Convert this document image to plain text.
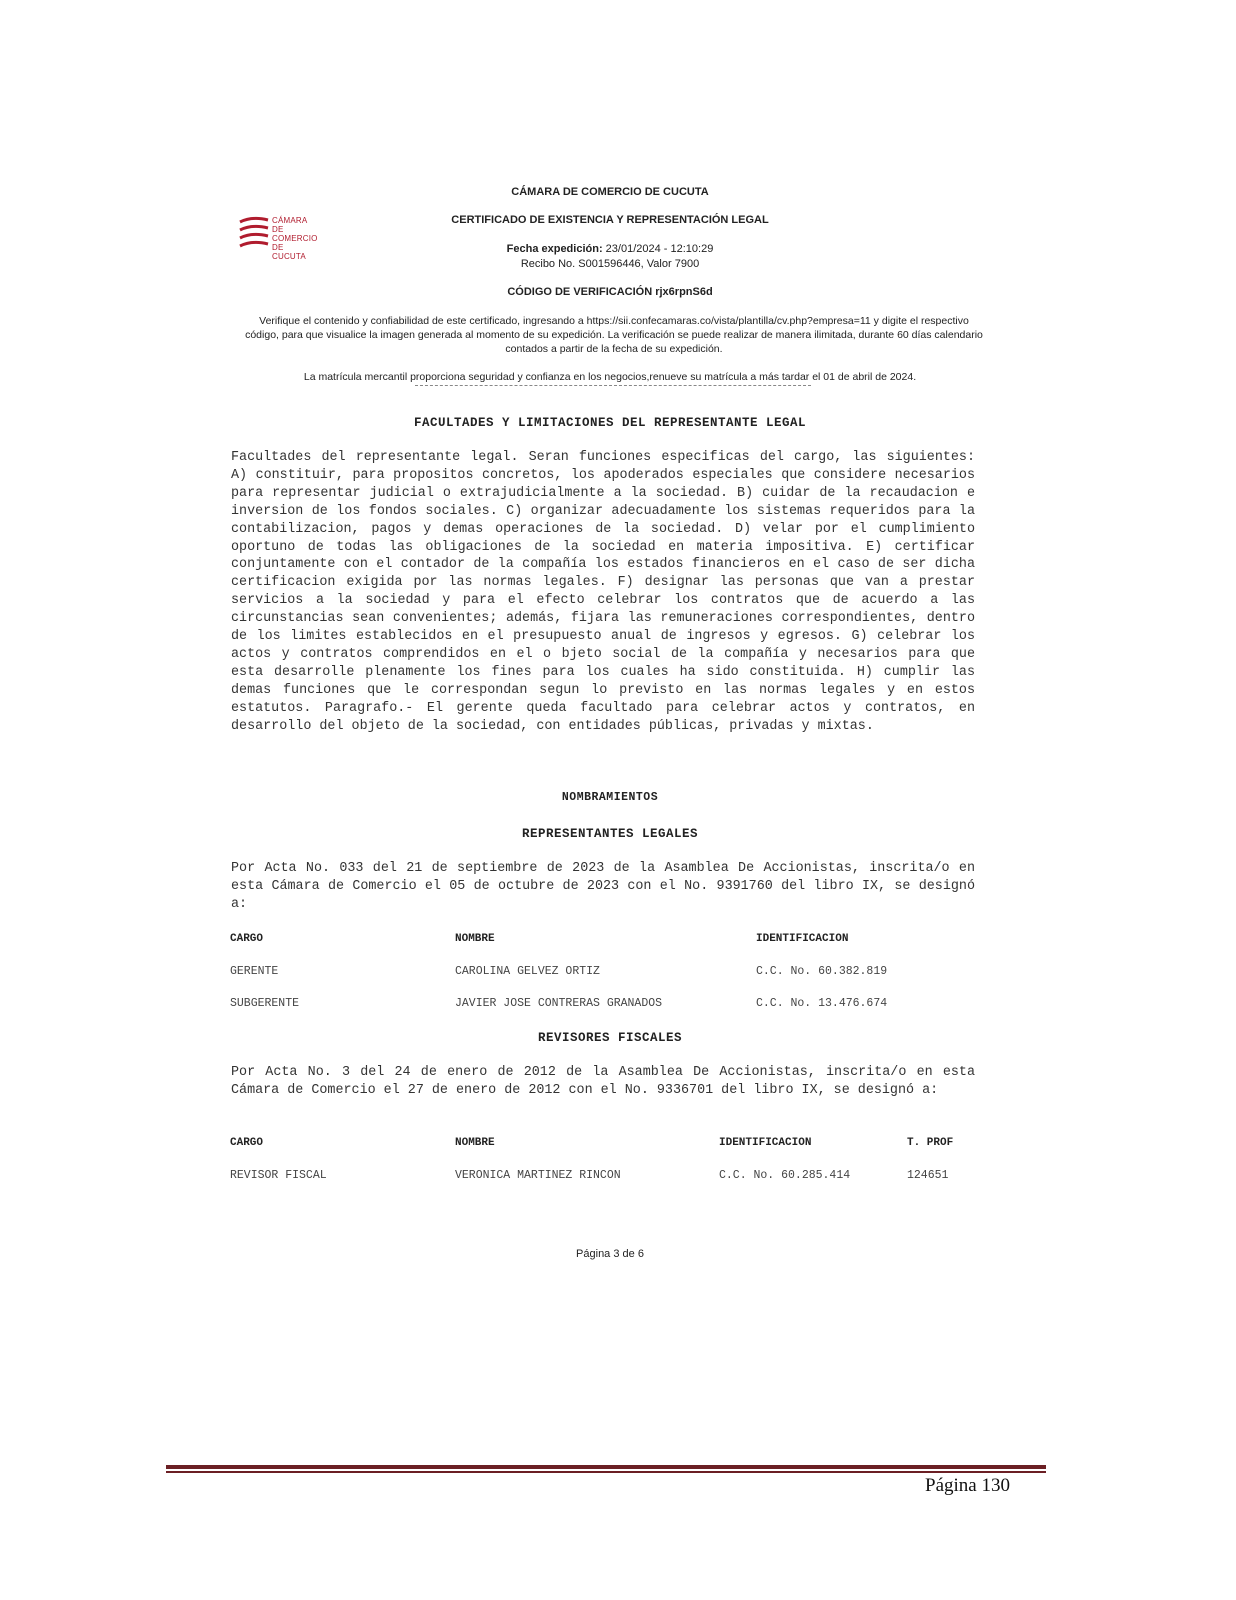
CÁMARA DE
COMERCIO
DE CUCUTA
CÁMARA DE COMERCIO DE CUCUTA
CERTIFICADO DE EXISTENCIA Y REPRESENTACIÓN LEGAL
Fecha expedición: 23/01/2024 - 12:10:29
Recibo No. S001596446, Valor 7900
CÓDIGO DE VERIFICACIÓN rjx6rpnS6d
Verifique el contenido y confiabilidad de este certificado, ingresando a https://sii.confecamaras.co/vista/plantilla/cv.php?empresa=11 y digite el respectivo código, para que visualice la imagen generada al momento de su expedición. La verificación se puede realizar de manera ilimitada, durante 60 días calendario contados a partir de la fecha de su expedición.
La matrícula mercantil proporciona seguridad y confianza en los negocios,renueve su matrícula a más tardar el 01 de abril de 2024.
FACULTADES Y LIMITACIONES DEL REPRESENTANTE LEGAL
Facultades del representante legal. Seran funciones especificas del cargo, las siguientes: A) constituir, para propositos concretos, los apoderados especiales que considere necesarios para representar judicial o extrajudicialmente a la sociedad. B) cuidar de la recaudacion e inversion de los fondos sociales. C) organizar adecuadamente los sistemas requeridos para la contabilizacion, pagos y demas operaciones de la sociedad. D) velar por el cumplimiento oportuno de todas las obligaciones de la sociedad en materia impositiva. E) certificar conjuntamente con el contador de la compañía los estados financieros en el caso de ser dicha certificacion exigida por las normas legales. F) designar las personas que van a prestar servicios a la sociedad y para el efecto celebrar los contratos que de acuerdo a las circunstancias sean convenientes; además, fijara las remuneraciones correspondientes, dentro de los limites establecidos en el presupuesto anual de ingresos y egresos. G) celebrar los actos y contratos comprendidos en el o bjeto social de la compañía y necesarios para que esta desarrolle plenamente los fines para los cuales ha sido constituida. H) cumplir las demas funciones que le correspondan segun lo previsto en las normas legales y en estos estatutos. Paragrafo.- El gerente queda facultado para celebrar actos y contratos, en desarrollo del objeto de la sociedad, con entidades públicas, privadas y mixtas.
NOMBRAMIENTOS
REPRESENTANTES LEGALES
Por Acta No. 033 del 21 de septiembre de 2023 de la Asamblea De Accionistas, inscrita/o en esta Cámara de Comercio el 05 de octubre de 2023 con el No. 9391760 del libro IX, se designó a:
CARGO	NOMBRE	IDENTIFICACION
GERENTE	CAROLINA GELVEZ ORTIZ	C.C. No. 60.382.819
SUBGERENTE	JAVIER JOSE CONTRERAS GRANADOS	C.C. No. 13.476.674
REVISORES FISCALES
Por Acta No. 3 del 24 de enero de 2012 de la Asamblea De Accionistas, inscrita/o en esta Cámara de Comercio el 27 de enero de 2012 con el No. 9336701 del libro IX, se designó a:
CARGO	NOMBRE	IDENTIFICACION	T. PROF
REVISOR FISCAL	VERONICA MARTINEZ RINCON	C.C. No. 60.285.414	124651
Página 3 de 6
Página 130
